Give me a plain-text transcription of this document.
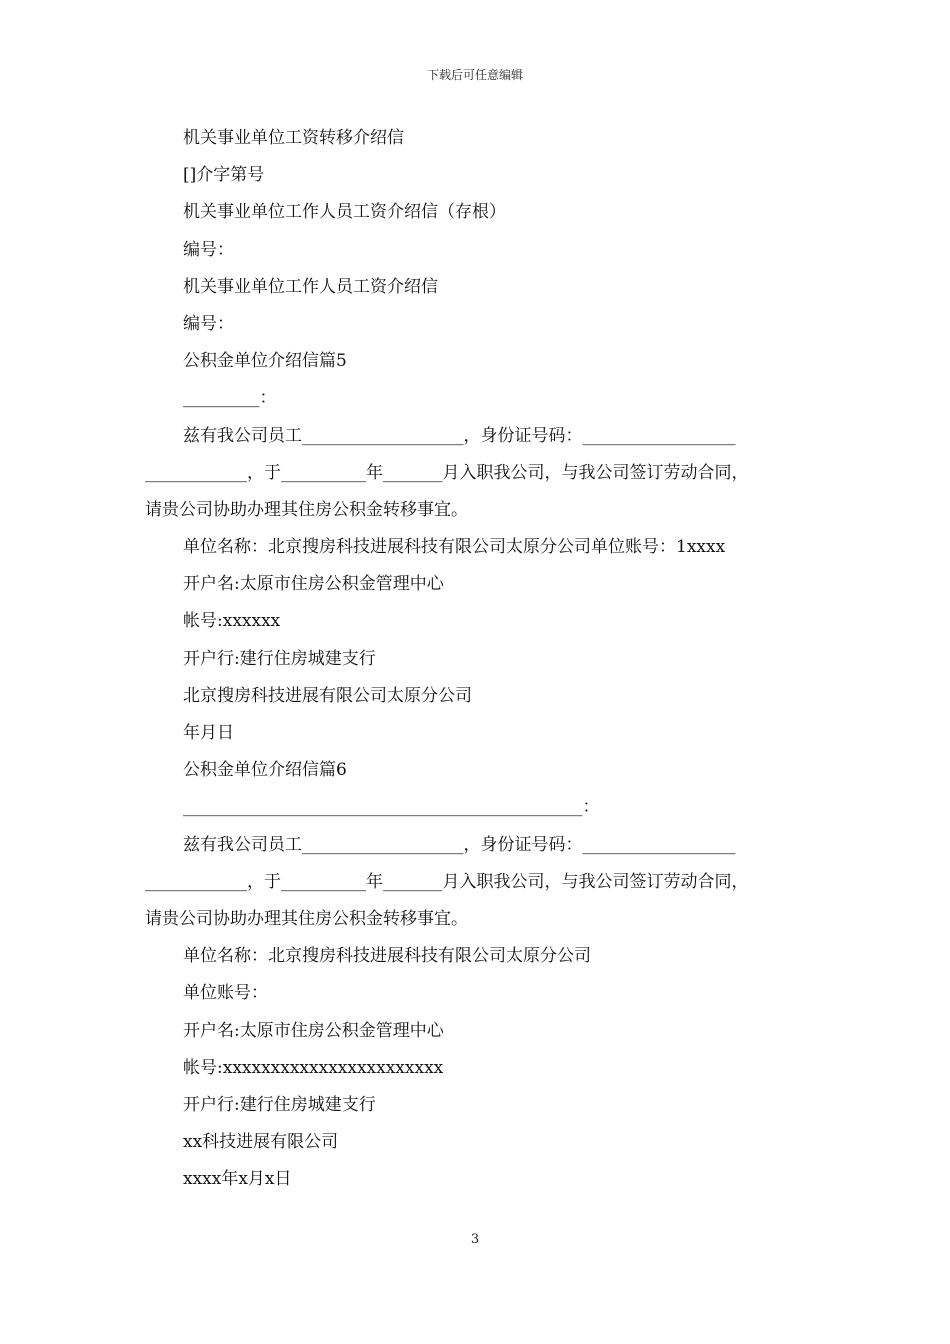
下载后可任意编辑
机关事业单位工资转移介绍信
[]介字第号
机关事业单位工作人员工资介绍信（存根）
编号：
机关事业单位工作人员工资介绍信
编号：
公积金单位介绍信篇5
_________：
兹有我公司员工___________________，身份证号码：__________________
____________，于__________年_______月入职我公司，与我公司签订劳动合同，
请贵公司协助办理其住房公积金转移事宜。
单位名称：北京搜房科技进展科技有限公司太原分公司单位账号：1xxxx
开户名:太原市住房公积金管理中心
帐号:xxxxxx
开户行:建行住房城建支行
北京搜房科技进展有限公司太原分公司
年月日
公积金单位介绍信篇6
_______________________________________________：
兹有我公司员工___________________，身份证号码：__________________
____________，于__________年_______月入职我公司，与我公司签订劳动合同，
请贵公司协助办理其住房公积金转移事宜。
单位名称：北京搜房科技进展科技有限公司太原分公司
单位账号：
开户名:太原市住房公积金管理中心
帐号:xxxxxxxxxxxxxxxxxxxxxxx
开户行:建行住房城建支行
xx科技进展有限公司
xxxx年x月x日
3
